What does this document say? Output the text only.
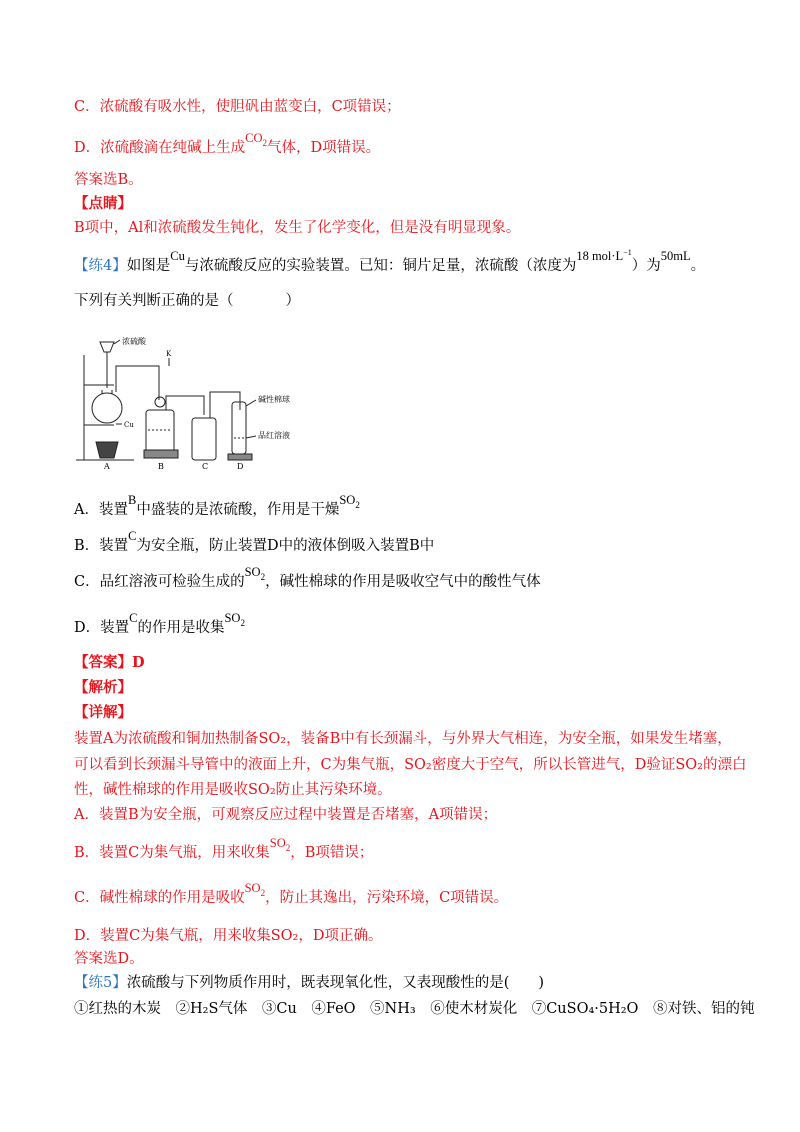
C．浓硫酸有吸水性，使胆矾由蓝变白，C项错误；
D．浓硫酸滴在纯碱上生成$CO_2$气体，D项错误。
答案选B。
【点睛】
B项中，Al和浓硫酸发生钝化，发生了化学变化，但是没有明显现象。
【练4】如图是Cu与浓硫酸反应的实验装置。已知：铜片足量，浓硫酸（浓度为18 $mol\cdot L^{-1}$）为50mL。
下列有关判断正确的是（	）
浓硫酸
K
Cu
碱性棉球
品红溶液
A	B	C	D
A．装置B中盛装的是浓硫酸，作用是干燥$SO_2$
B．装置C为安全瓶，防止装置D中的液体倒吸入装置B中
C．品红溶液可检验生成的$SO_2$，碱性棉球的作用是吸收空气中的酸性气体
D．装置C的作用是收集$SO_2$
【答案】D
【解析】
【详解】
装置A为浓硫酸和铜加热制备SO₂，装备B中有长颈漏斗，与外界大气相连，为安全瓶，如果发生堵塞，
可以看到长颈漏斗导管中的液面上升，C为集气瓶，SO₂密度大于空气，所以长管进气，D验证SO₂的漂白
性，碱性棉球的作用是吸收SO₂防止其污染环境。
A．装置B为安全瓶，可观察反应过程中装置是否堵塞，A项错误；
B．装置C为集气瓶，用来收集$SO_2$，B项错误；
C．碱性棉球的作用是吸收$SO_2$，防止其逸出，污染环境，C项错误。
D．装置C为集气瓶，用来收集SO₂，D项正确。
答案选D。
【练5】浓硫酸与下列物质作用时，既表现氧化性，又表现酸性的是(　　)
①红热的木炭　②H₂S气体　③Cu　④FeO　⑤NH₃　⑥使木材炭化　⑦CuSO₄·5H₂O　⑧对铁、铝的钝
